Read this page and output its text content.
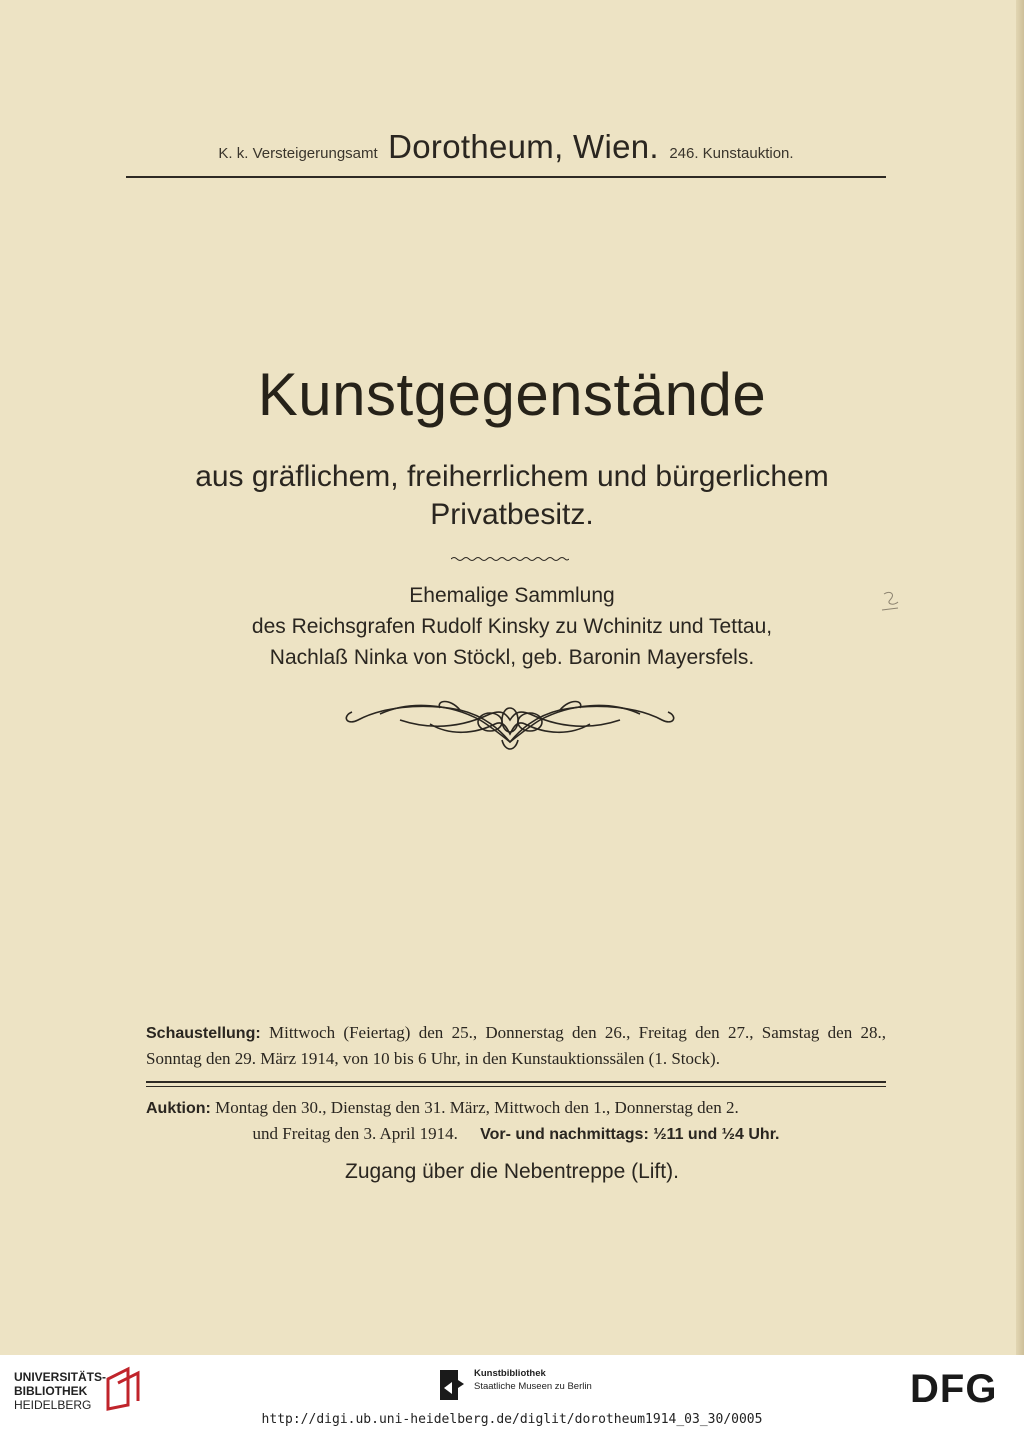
K. k. Versteigerungsamt Dorotheum, Wien. 246. Kunstauktion.
Kunstgegenstände
aus gräflichem, freiherrlichem und bürgerlichem
Privatbesitz.
Ehemalige Sammlung
des Reichsgrafen Rudolf Kinsky zu Wchinitz und Tettau,
Nachlaß Ninka von Stöckl, geb. Baronin Mayersfels.
Schaustellung: Mittwoch (Feiertag) den 25., Donnerstag den 26., Freitag den 27., Samstag den 28., Sonntag den 29. März 1914, von 10 bis 6 Uhr, in den Kunstauktionssälen (1. Stock).
Auktion: Montag den 30., Dienstag den 31. März, Mittwoch den 1., Donnerstag den 2.
und Freitag den 3. April 1914. Vor- und nachmittags: ½11 und ½4 Uhr.
Zugang über die Nebentreppe (Lift).
UNIVERSITÄTS-
BIBLIOTHEK
HEIDELBERG
Kunstbibliothek
Staatliche Museen zu Berlin	DFG
http://digi.ub.uni-heidelberg.de/diglit/dorotheum1914_03_30/0005
